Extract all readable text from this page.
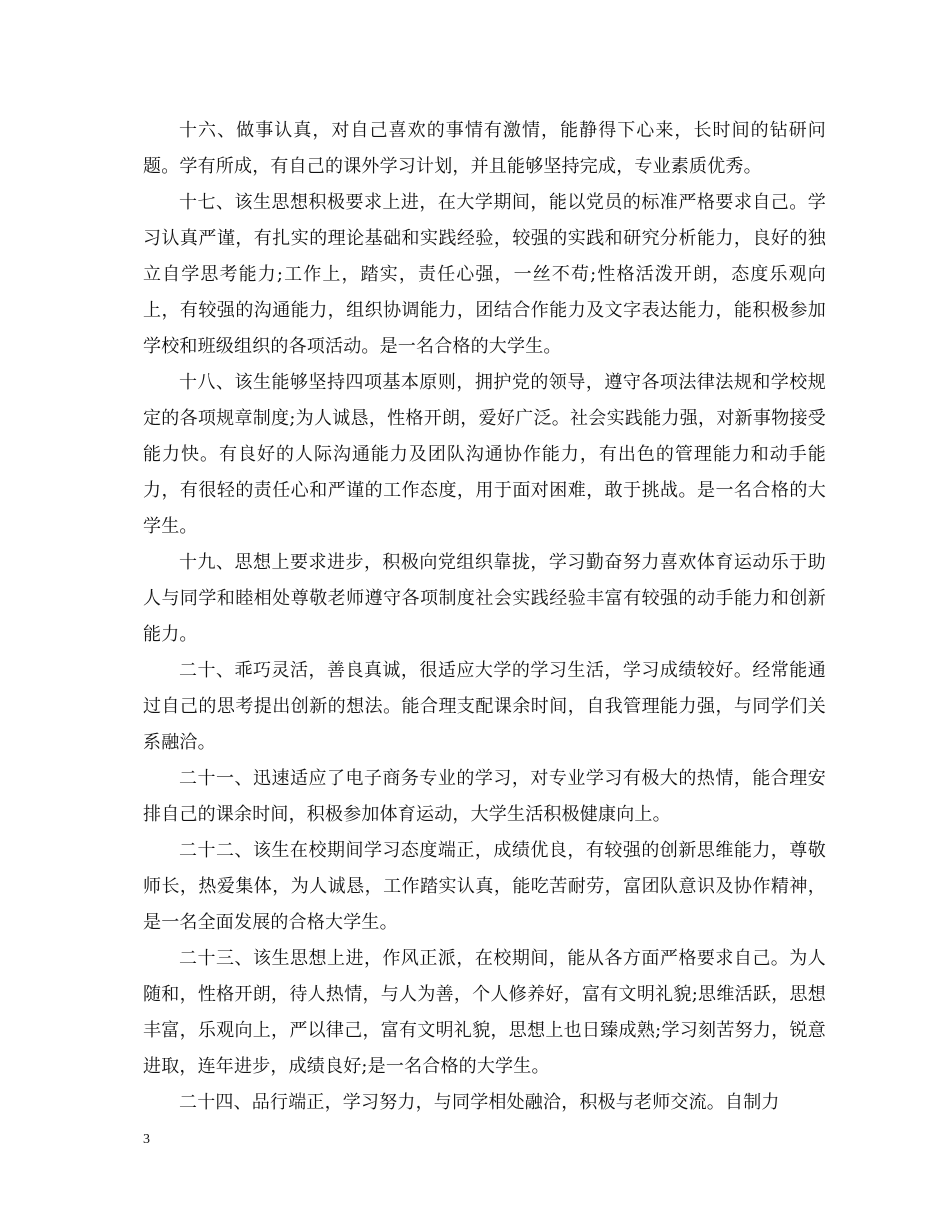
十六、做事认真，对自己喜欢的事情有激情，能静得下心来，长时间的钻研问题。学有所成，有自己的课外学习计划，并且能够坚持完成，专业素质优秀。

十七、该生思想积极要求上进，在大学期间，能以党员的标准严格要求自己。学习认真严谨，有扎实的理论基础和实践经验，较强的实践和研究分析能力，良好的独立自学思考能力;工作上，踏实，责任心强，一丝不苟;性格活泼开朗，态度乐观向上，有较强的沟通能力，组织协调能力，团结合作能力及文字表达能力，能积极参加学校和班级组织的各项活动。是一名合格的大学生。

十八、该生能够坚持四项基本原则，拥护党的领导，遵守各项法律法规和学校规定的各项规章制度;为人诚恳，性格开朗，爱好广泛。社会实践能力强，对新事物接受能力快。有良好的人际沟通能力及团队沟通协作能力，有出色的管理能力和动手能力，有很轻的责任心和严谨的工作态度，用于面对困难，敢于挑战。是一名合格的大学生。

十九、思想上要求进步，积极向党组织靠拢，学习勤奋努力喜欢体育运动乐于助人与同学和睦相处尊敬老师遵守各项制度社会实践经验丰富有较强的动手能力和创新能力。

二十、乖巧灵活，善良真诚，很适应大学的学习生活，学习成绩较好。经常能通过自己的思考提出创新的想法。能合理支配课余时间，自我管理能力强，与同学们关系融洽。

二十一、迅速适应了电子商务专业的学习，对专业学习有极大的热情，能合理安排自己的课余时间，积极参加体育运动，大学生活积极健康向上。

二十二、该生在校期间学习态度端正，成绩优良，有较强的创新思维能力，尊敬师长，热爱集体，为人诚恳，工作踏实认真，能吃苦耐劳，富团队意识及协作精神，是一名全面发展的合格大学生。

二十三、该生思想上进，作风正派，在校期间，能从各方面严格要求自己。为人随和，性格开朗，待人热情，与人为善，个人修养好，富有文明礼貌;思维活跃，思想丰富，乐观向上，严以律己，富有文明礼貌，思想上也日臻成熟;学习刻苦努力，锐意进取，连年进步，成绩良好;是一名合格的大学生。

二十四、品行端正，学习努力，与同学相处融洽，积极与老师交流。自制力

3
